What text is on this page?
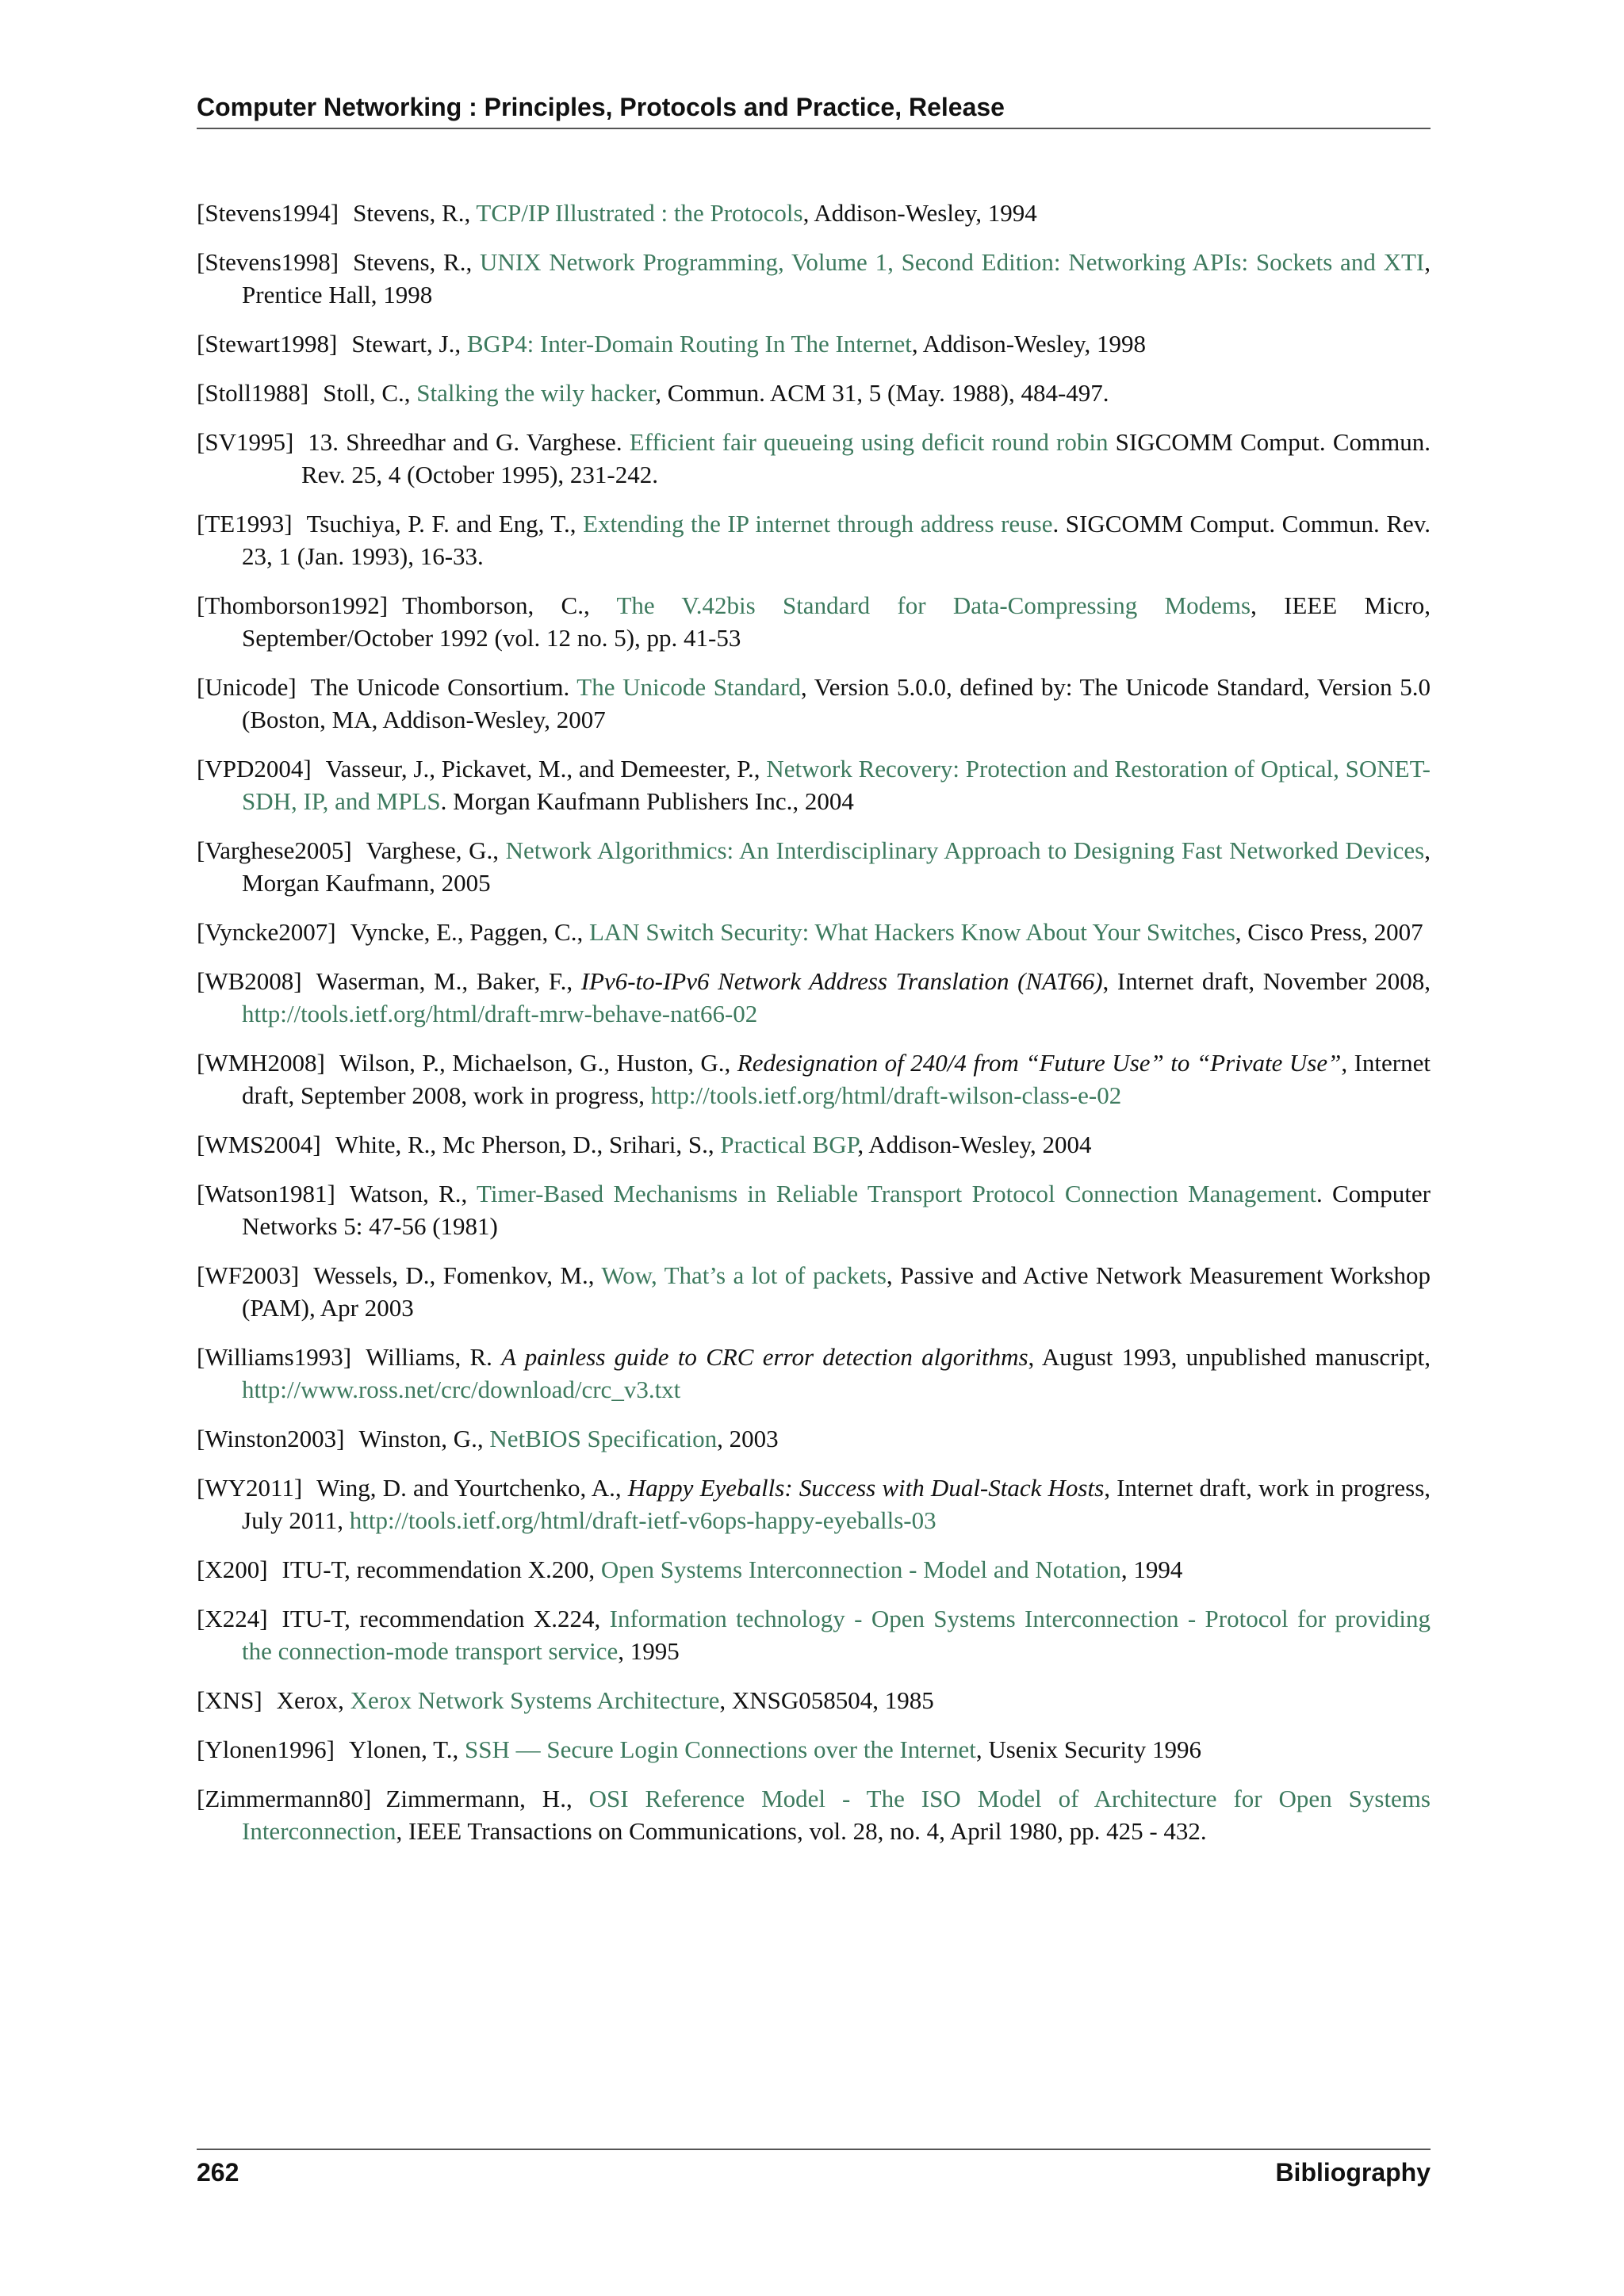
Computer Networking : Principles, Protocols and Practice, Release

[Stevens1994] Stevens, R., TCP/IP Illustrated : the Protocols, Addison-Wesley, 1994

[Stevens1998] Stevens, R., UNIX Network Programming, Volume 1, Second Edition: Networking APIs: Sockets and XTI, Prentice Hall, 1998

[Stewart1998] Stewart, J., BGP4: Inter-Domain Routing In The Internet, Addison-Wesley, 1998

[Stoll1988] Stoll, C., Stalking the wily hacker, Commun. ACM 31, 5 (May. 1988), 484-497.

[SV1995] 13. Shreedhar and G. Varghese. Efficient fair queueing using deficit round robin SIGCOMM Comput. Commun. Rev. 25, 4 (October 1995), 231-242.

[TE1993] Tsuchiya, P. F. and Eng, T., Extending the IP internet through address reuse. SIGCOMM Comput. Commun. Rev. 23, 1 (Jan. 1993), 16-33.

[Thomborson1992] Thomborson, C., The V.42bis Standard for Data-Compressing Modems, IEEE Micro, September/October 1992 (vol. 12 no. 5), pp. 41-53

[Unicode] The Unicode Consortium. The Unicode Standard, Version 5.0.0, defined by: The Unicode Standard, Version 5.0 (Boston, MA, Addison-Wesley, 2007

[VPD2004] Vasseur, J., Pickavet, M., and Demeester, P., Network Recovery: Protection and Restoration of Optical, SONET-SDH, IP, and MPLS. Morgan Kaufmann Publishers Inc., 2004

[Varghese2005] Varghese, G., Network Algorithmics: An Interdisciplinary Approach to Designing Fast Networked Devices, Morgan Kaufmann, 2005

[Vyncke2007] Vyncke, E., Paggen, C., LAN Switch Security: What Hackers Know About Your Switches, Cisco Press, 2007

[WB2008] Waserman, M., Baker, F., IPv6-to-IPv6 Network Address Translation (NAT66), Internet draft, November 2008, http://tools.ietf.org/html/draft-mrw-behave-nat66-02

[WMH2008] Wilson, P., Michaelson, G., Huston, G., Redesignation of 240/4 from “Future Use” to “Private Use”, Internet draft, September 2008, work in progress, http://tools.ietf.org/html/draft-wilson-class-e-02

[WMS2004] White, R., Mc Pherson, D., Srihari, S., Practical BGP, Addison-Wesley, 2004

[Watson1981] Watson, R., Timer-Based Mechanisms in Reliable Transport Protocol Connection Management. Computer Networks 5: 47-56 (1981)

[WF2003] Wessels, D., Fomenkov, M., Wow, That’s a lot of packets, Passive and Active Network Measurement Workshop (PAM), Apr 2003

[Williams1993] Williams, R. A painless guide to CRC error detection algorithms, August 1993, unpublished manuscript, http://www.ross.net/crc/download/crc_v3.txt

[Winston2003] Winston, G., NetBIOS Specification, 2003

[WY2011] Wing, D. and Yourtchenko, A., Happy Eyeballs: Success with Dual-Stack Hosts, Internet draft, work in progress, July 2011, http://tools.ietf.org/html/draft-ietf-v6ops-happy-eyeballs-03

[X200] ITU-T, recommendation X.200, Open Systems Interconnection - Model and Notation, 1994

[X224] ITU-T, recommendation X.224, Information technology - Open Systems Interconnection - Protocol for providing the connection-mode transport service, 1995

[XNS] Xerox, Xerox Network Systems Architecture, XNSG058504, 1985

[Ylonen1996] Ylonen, T., SSH — Secure Login Connections over the Internet, Usenix Security 1996

[Zimmermann80] Zimmermann, H., OSI Reference Model - The ISO Model of Architecture for Open Systems Interconnection, IEEE Transactions on Communications, vol. 28, no. 4, April 1980, pp. 425 - 432.

262	Bibliography
